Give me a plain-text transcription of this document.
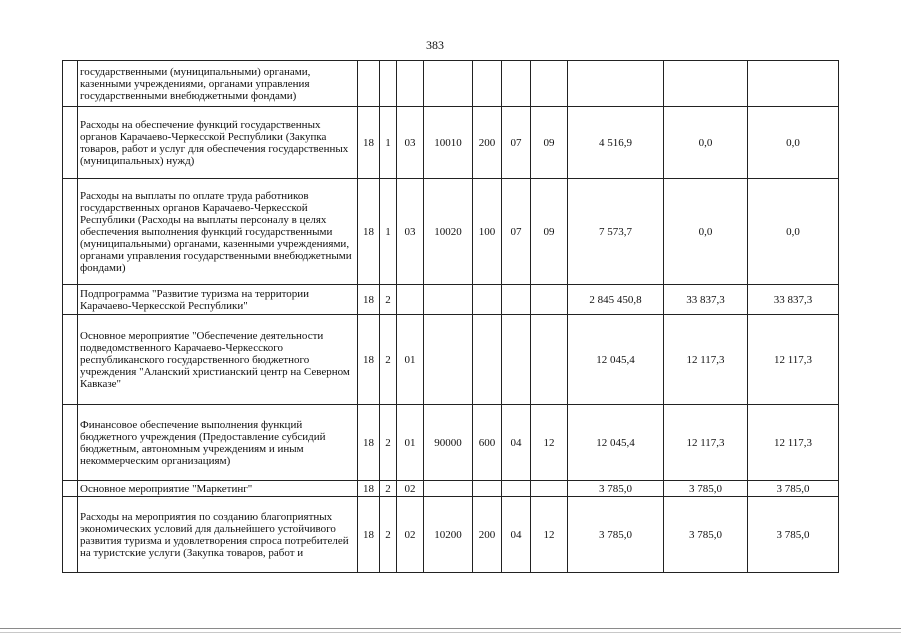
383
	государственными (муниципальными) органами, казенными учреждениями, органами управления государственными внебюджетными фондами)										
	Расходы на обеспечение функций государственных органов Карачаево-Черкесской Республики (Закупка товаров, работ и услуг для обеспечения государственных (муниципальных) нужд)	18	1	03	10010	200	07	09	4 516,9	0,0	0,0
	Расходы на выплаты по оплате труда работников государственных органов Карачаево-Черкесской Республики (Расходы на выплаты персоналу в целях обеспечения выполнения функций государственными (муниципальными) органами, казенными учреждениями, органами управления государственными внебюджетными фондами)	18	1	03	10020	100	07	09	7 573,7	0,0	0,0
	Подпрограмма "Развитие туризма на территории Карачаево-Черкесской Республики"	18	2						2 845 450,8	33 837,3	33 837,3
	Основное мероприятие "Обеспечение деятельности подведомственного Карачаево-Черкесского республиканского государственного бюджетного учреждения "Аланский христианский центр на Северном Кавказе"	18	2	01					12 045,4	12 117,3	12 117,3
	Финансовое обеспечение выполнения функций бюджетного учреждения (Предоставление субсидий бюджетным, автономным учреждениям и иным некоммерческим организациям)	18	2	01	90000	600	04	12	12 045,4	12 117,3	12 117,3
	Основное мероприятие "Маркетинг"	18	2	02					3 785,0	3 785,0	3 785,0
	Расходы на мероприятия по созданию благоприятных экономических условий для дальнейшего устойчивого развития туризма и удовлетворения спроса потребителей на туристские услуги (Закупка товаров, работ и	18	2	02	10200	200	04	12	3 785,0	3 785,0	3 785,0
